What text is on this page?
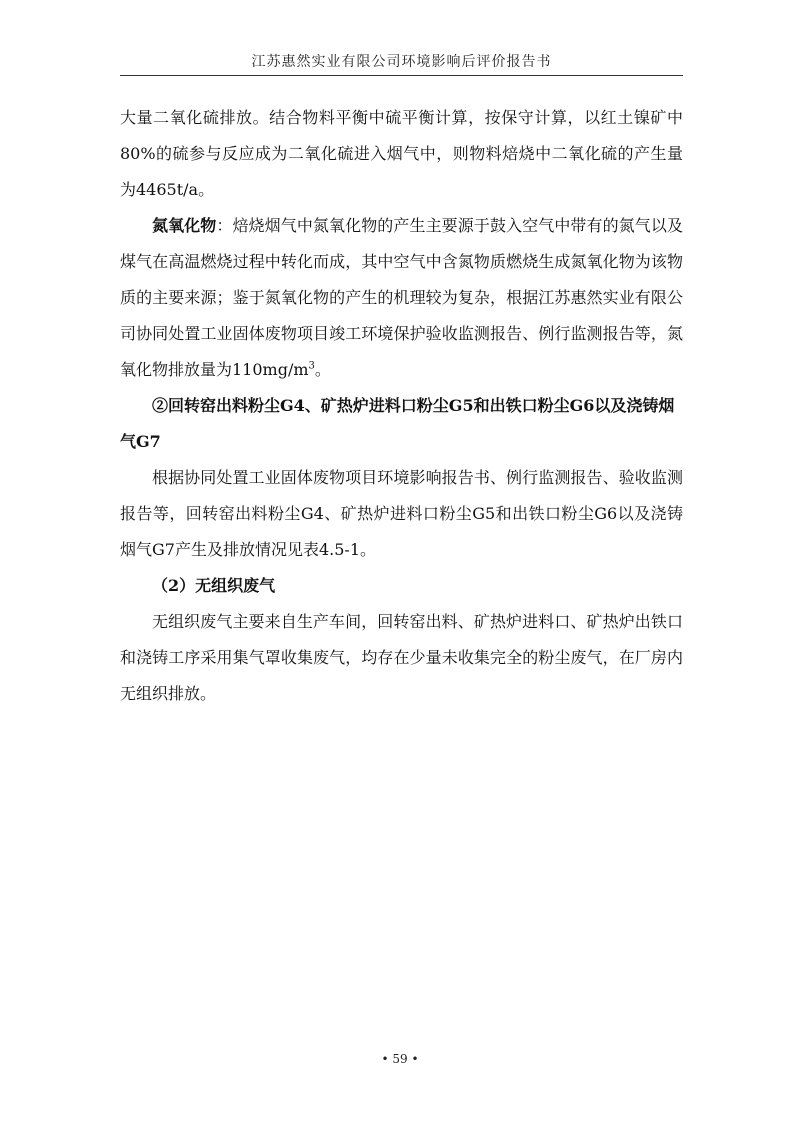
江苏惠然实业有限公司环境影响后评价报告书

大量二氧化硫排放。结合物料平衡中硫平衡计算，按保守计算，以红土镍矿中80%的硫参与反应成为二氧化硫进入烟气中，则物料焙烧中二氧化硫的产生量为4465t/a。

氮氧化物：焙烧烟气中氮氧化物的产生主要源于鼓入空气中带有的氮气以及煤气在高温燃烧过程中转化而成，其中空气中含氮物质燃烧生成氮氧化物为该物质的主要来源；鉴于氮氧化物的产生的机理较为复杂，根据江苏惠然实业有限公司协同处置工业固体废物项目竣工环境保护验收监测报告、例行监测报告等，氮氧化物排放量为$110mg/m^3$。

②回转窑出料粉尘G4、矿热炉进料口粉尘G5和出铁口粉尘G6以及浇铸烟气G7

根据协同处置工业固体废物项目环境影响报告书、例行监测报告、验收监测报告等，回转窑出料粉尘G4、矿热炉进料口粉尘G5和出铁口粉尘G6以及浇铸烟气G7产生及排放情况见表4.5-1。

（2）无组织废气

无组织废气主要来自生产车间，回转窑出料、矿热炉进料口、矿热炉出铁口和浇铸工序采用集气罩收集废气，均存在少量未收集完全的粉尘废气，在厂房内无组织排放。

• 59 •
